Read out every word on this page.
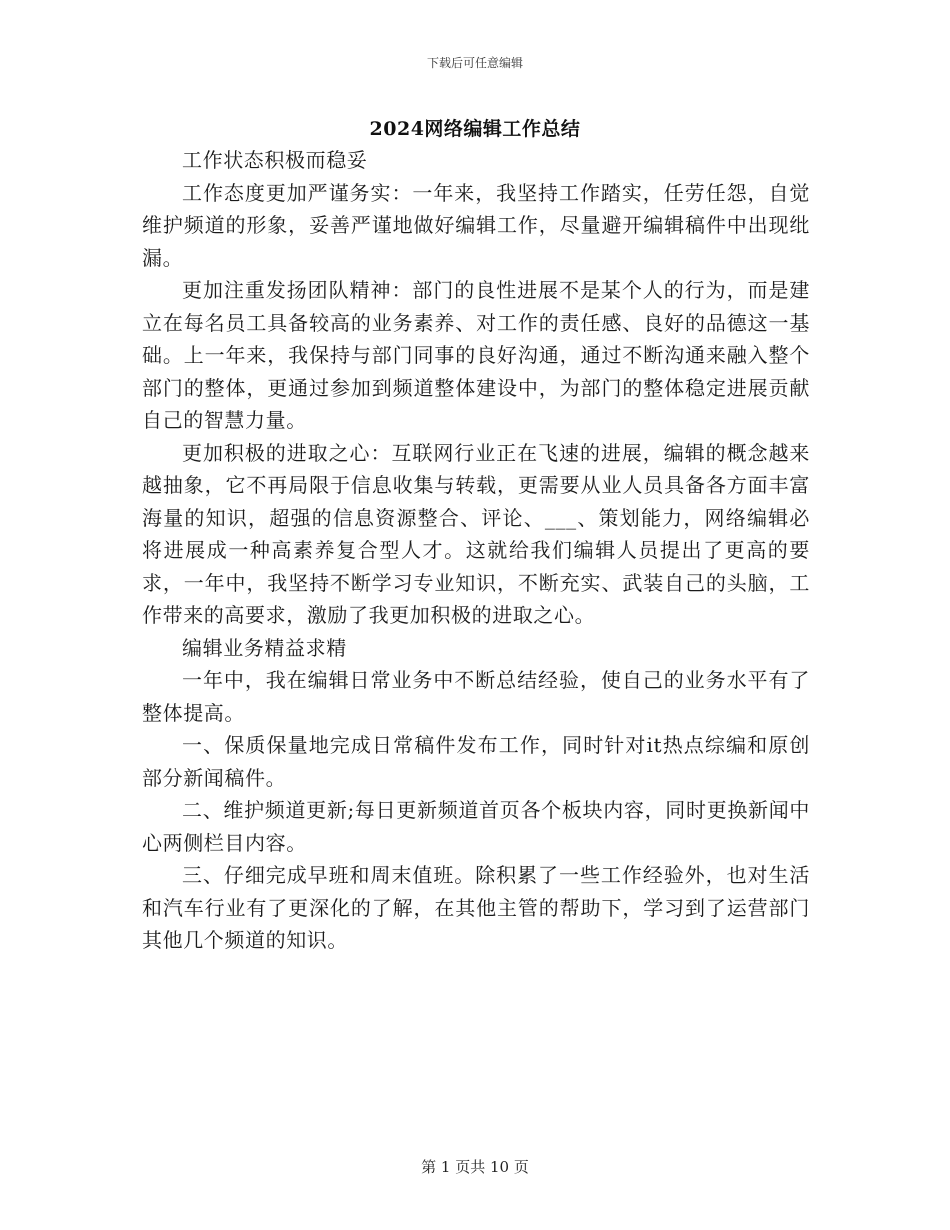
下载后可任意编辑
2024网络编辑工作总结

工作状态积极而稳妥

工作态度更加严谨务实：一年来，我坚持工作踏实，任劳任怨，自觉维护频道的形象，妥善严谨地做好编辑工作，尽量避开编辑稿件中出现纰漏。

更加注重发扬团队精神：部门的良性进展不是某个人的行为，而是建立在每名员工具备较高的业务素养、对工作的责任感、良好的品德这一基础。上一年来，我保持与部门同事的良好沟通，通过不断沟通来融入整个部门的整体，更通过参加到频道整体建设中，为部门的整体稳定进展贡献自己的智慧力量。

更加积极的进取之心：互联网行业正在飞速的进展，编辑的概念越来越抽象，它不再局限于信息收集与转载，更需要从业人员具备各方面丰富海量的知识，超强的信息资源整合、评论、___、策划能力，网络编辑必将进展成一种高素养复合型人才。这就给我们编辑人员提出了更高的要求，一年中，我坚持不断学习专业知识，不断充实、武装自己的头脑，工作带来的高要求，激励了我更加积极的进取之心。

编辑业务精益求精

一年中，我在编辑日常业务中不断总结经验，使自己的业务水平有了整体提高。

一、保质保量地完成日常稿件发布工作，同时针对it热点综编和原创部分新闻稿件。

二、维护频道更新;每日更新频道首页各个板块内容，同时更换新闻中心两侧栏目内容。

三、仔细完成早班和周末值班。除积累了一些工作经验外，也对生活和汽车行业有了更深化的了解，在其他主管的帮助下，学习到了运营部门其他几个频道的知识。

第 1 页共 10 页
